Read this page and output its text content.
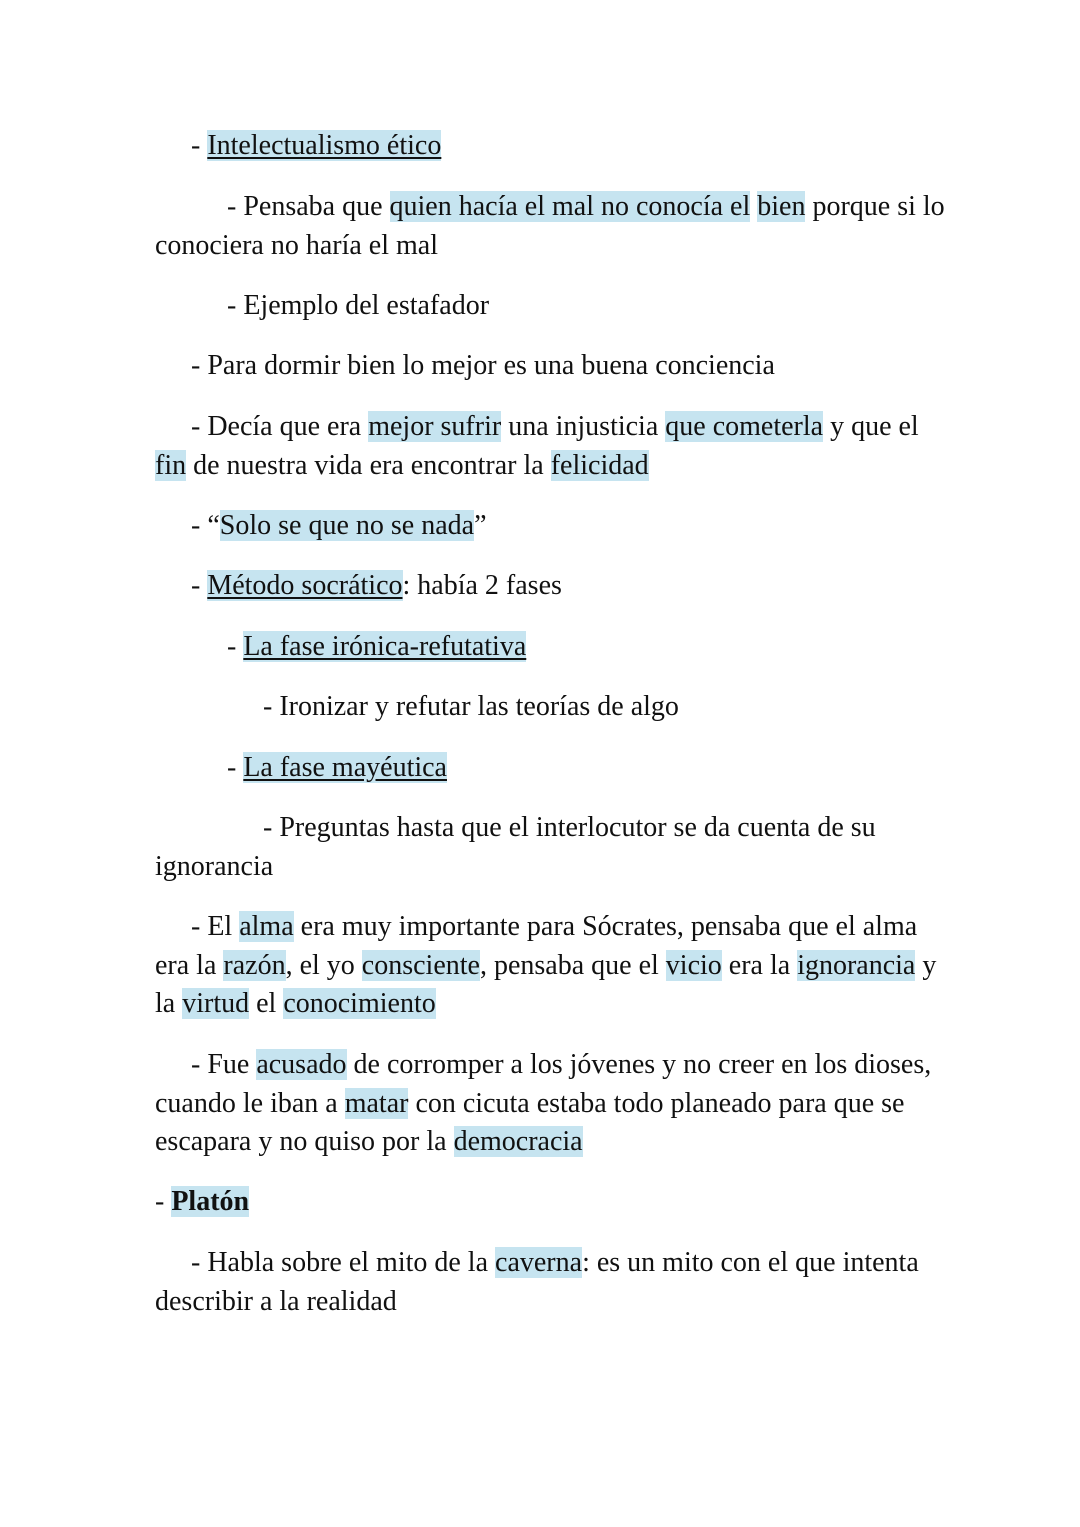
- Intelectualismo ético

- Pensaba que quien hacía el mal no conocía el bien porque si lo conociera no haría el mal

- Ejemplo del estafador

- Para dormir bien lo mejor es una buena conciencia

- Decía que era mejor sufrir una injusticia que cometerla y que el fin de nuestra vida era encontrar la felicidad

- “Solo se que no se nada”

- Método socrático: había 2 fases

- La fase irónica-refutativa

- Ironizar y refutar las teorías de algo

- La fase mayéutica

- Preguntas hasta que el interlocutor se da cuenta de su ignorancia

- El alma era muy importante para Sócrates, pensaba que el alma era la razón, el yo consciente, pensaba que el vicio era la ignorancia y la virtud el conocimiento

- Fue acusado de corromper a los jóvenes y no creer en los dioses, cuando le iban a matar con cicuta estaba todo planeado para que se escapara y no quiso por la democracia

- Platón

- Habla sobre el mito de la caverna: es un mito con el que intenta describir a la realidad
